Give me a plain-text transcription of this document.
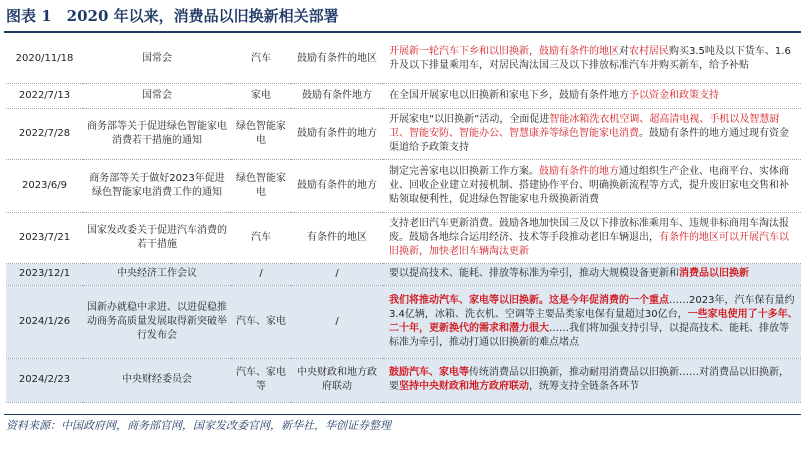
图表 1　2020 年以来，消费品以旧换新相关部署
2020/11/18	国常会	汽车	鼓励有条件的地区	开展新一轮汽车下乡和以旧换新，鼓励有条件的地区对农村居民购买3.5吨及以下货车、1.6升及以下排量乘用车，对居民淘汰国三及以下排放标准汽车并购买新车，给予补贴
2022/7/13	国常会	家电	鼓励有条件地方	在全国开展家电以旧换新和家电下乡，鼓励有条件地方予以资金和政策支持
2022/7/28	商务部等关于促进绿色智能家电消费若干措施的通知	绿色智能家电	鼓励有条件的地方	开展家电“以旧换新”活动，全面促进智能冰箱洗衣机空调、超高清电视、手机以及智慧厨卫、智能安防、智能办公、智慧康养等绿色智能家电消费。鼓励有条件的地方通过现有资金渠道给予政策支持
2023/6/9	商务部等关于做好2023年促进绿色智能家电消费工作的通知	绿色智能家电	鼓励有条件的地方	制定完善家电以旧换新工作方案。鼓励有条件的地方通过组织生产企业、电商平台、实体商业、回收企业建立对接机制、搭建协作平台、明确换新流程等方式，提升废旧家电交售和补贴领取便利性，促进绿色智能家电升级换新消费
2023/7/21	国家发改委关于促进汽车消费的若干措施	汽车	有条件的地区	支持老旧汽车更新消费。鼓励各地加快国三及以下排放标准乘用车、违规非标商用车淘汰报废。鼓励各地综合运用经济、技术等手段推动老旧车辆退出，有条件的地区可以开展汽车以旧换新，加快老旧车辆淘汰更新
2023/12/1	中央经济工作会议	/	/	要以提高技术、能耗、排放等标准为牵引，推动大规模设备更新和消费品以旧换新
2024/1/26	国新办就稳中求进、以进促稳推动商务高质量发展取得新突破举行发布会	汽车、家电	/	我们将推动汽车、家电等以旧换新。这是今年促消费的一个重点……2023年，汽车保有量约3.4亿辆，冰箱、洗衣机、空调等主要品类家电保有量超过30亿台，一些家电使用了十多年、二十年，更新换代的需求和潜力很大……我们将加强支持引导，以提高技术、能耗、排放等标准为牵引，推动打通以旧换新的难点堵点
2024/2/23	中央财经委员会	汽车、家电等	中央财政和地方政府联动	鼓励汽车、家电等传统消费品以旧换新，推动耐用消费品以旧换新……对消费品以旧换新，要坚持中央财政和地方政府联动，统筹支持全链条各环节
资料来源：中国政府网，商务部官网，国家发改委官网，新华社，华创证券整理
